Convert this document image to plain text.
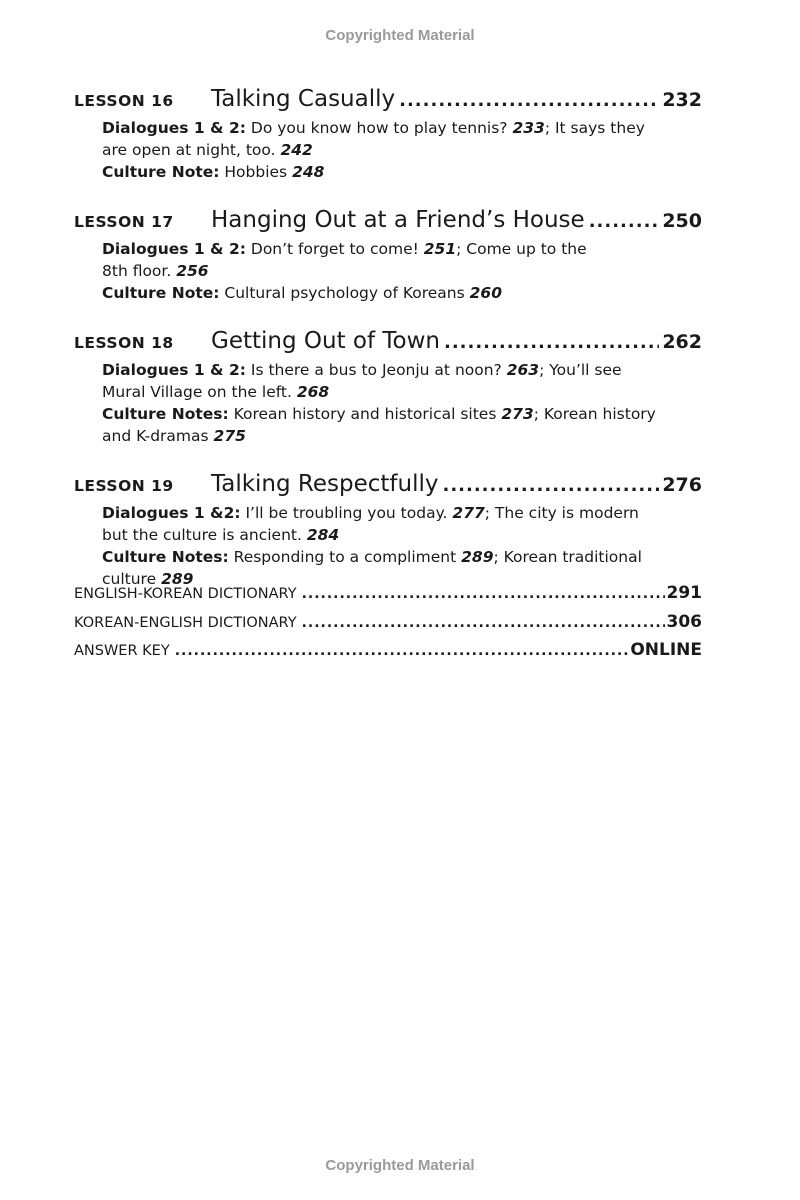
Copyrighted Material
LESSON 16	Talking Casually .....	232
Dialogues 1 & 2: Do you know how to play tennis? 233; It says they
are open at night, too. 242
Culture Note: Hobbies 248
LESSON 17	Hanging Out at a Friend’s House .....	250
Dialogues 1 & 2: Don’t forget to come! 251; Come up to the
8th floor. 256
Culture Note: Cultural psychology of Koreans 260
LESSON 18	Getting Out of Town .....	262
Dialogues 1 & 2: Is there a bus to Jeonju at noon? 263; You’ll see
Mural Village on the left. 268
Culture Notes: Korean history and historical sites 273; Korean history
and K-dramas 275
LESSON 19	Talking Respectfully .....	276
Dialogues 1 &2: I’ll be troubling you today. 277; The city is modern
but the culture is ancient. 284
Culture Notes: Responding to a compliment 289; Korean traditional
culture 289
ENGLISH-KOREAN DICTIONARY .....	291
KOREAN-ENGLISH DICTIONARY .....	306
ANSWER KEY .....	ONLINE
Copyrighted Material
